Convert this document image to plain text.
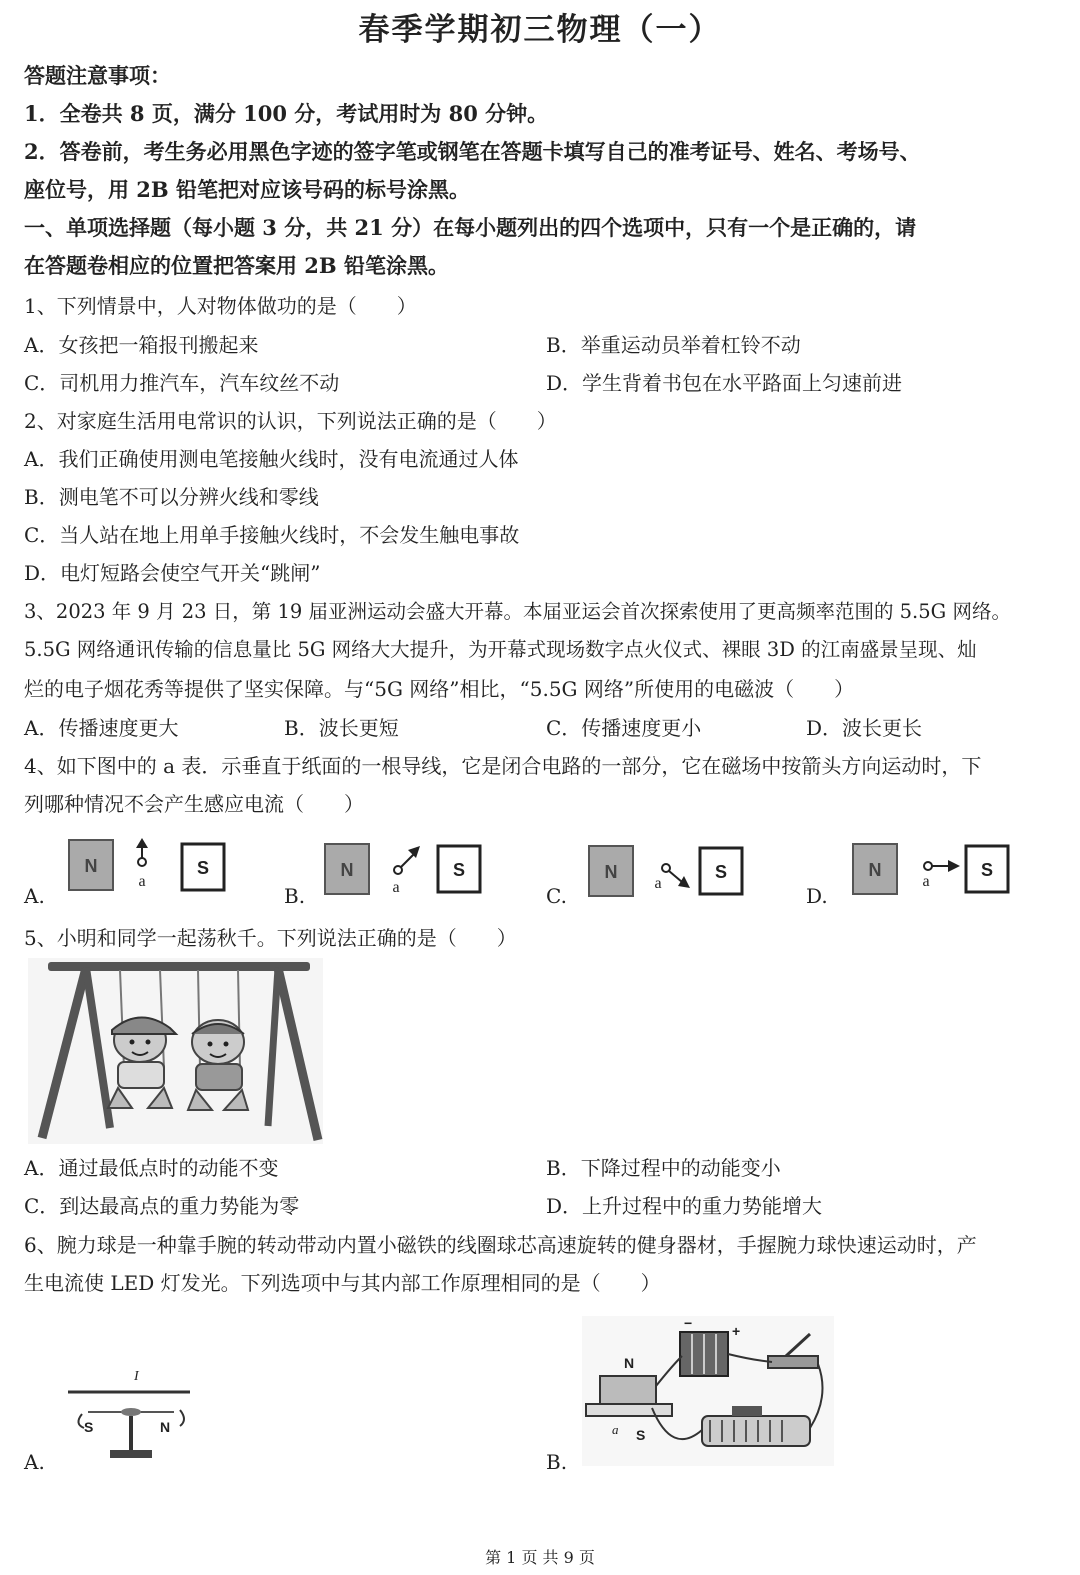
春季学期初三物理（一）
答题注意事项：
1．全卷共 8 页，满分 100 分，考试用时为 80 分钟。
2．答卷前，考生务必用黑色字迹的签字笔或钢笔在答题卡填写自己的准考证号、姓名、考场号、
座位号，用 2B 铅笔把对应该号码的标号涂黑。
一、单项选择题（每小题 3 分，共 21 分）在每小题列出的四个选项中，只有一个是正确的，请
在答题卷相应的位置把答案用 2B 铅笔涂黑。
1、下列情景中，人对物体做功的是（　　）
A．女孩把一箱报刊搬起来	B．举重运动员举着杠铃不动
C．司机用力推汽车，汽车纹丝不动	D．学生背着书包在水平路面上匀速前进
2、对家庭生活用电常识的认识，下列说法正确的是（　　）
A．我们正确使用测电笔接触火线时，没有电流通过人体
B．测电笔不可以分辨火线和零线
C．当人站在地上用单手接触火线时，不会发生触电事故
D．电灯短路会使空气开关“跳闸”
3、2023 年 9 月 23 日，第 19 届亚洲运动会盛大开幕。本届亚运会首次探索使用了更高频率范围的 5.5G 网络。
5.5G 网络通讯传输的信息量比 5G 网络大大提升，为开幕式现场数字点火仪式、裸眼 3D 的江南盛景呈现、灿
烂的电子烟花秀等提供了坚实保障。与“5G 网络”相比，“5.5G 网络”所使用的电磁波（　　）
A．传播速度更大	B．波长更短	C．传播速度更小	D．波长更长
4、如下图中的 a 表．示垂直于纸面的一根导线，它是闭合电路的一部分，它在磁场中按箭头方向运动时，下
列哪种情况不会产生感应电流（　　）
A.
N
a
S
B.
N
a
S
C.
N
a
S
D.
N
a
S
5、小明和同学一起荡秋千。下列说法正确的是（　　）
A．通过最低点时的动能不变	B．下降过程中的动能变小
C．到达最高点的重力势能为零	D．上升过程中的重力势能增大
6、腕力球是一种靠手腕的转动带动内置小磁铁的线圈球芯高速旋转的健身器材，手握腕力球快速运动时，产
生电流使 LED 灯发光。下列选项中与其内部工作原理相同的是（　　）
A.
I
S	N
B.
−	+
N
a S
第 1 页 共 9 页
